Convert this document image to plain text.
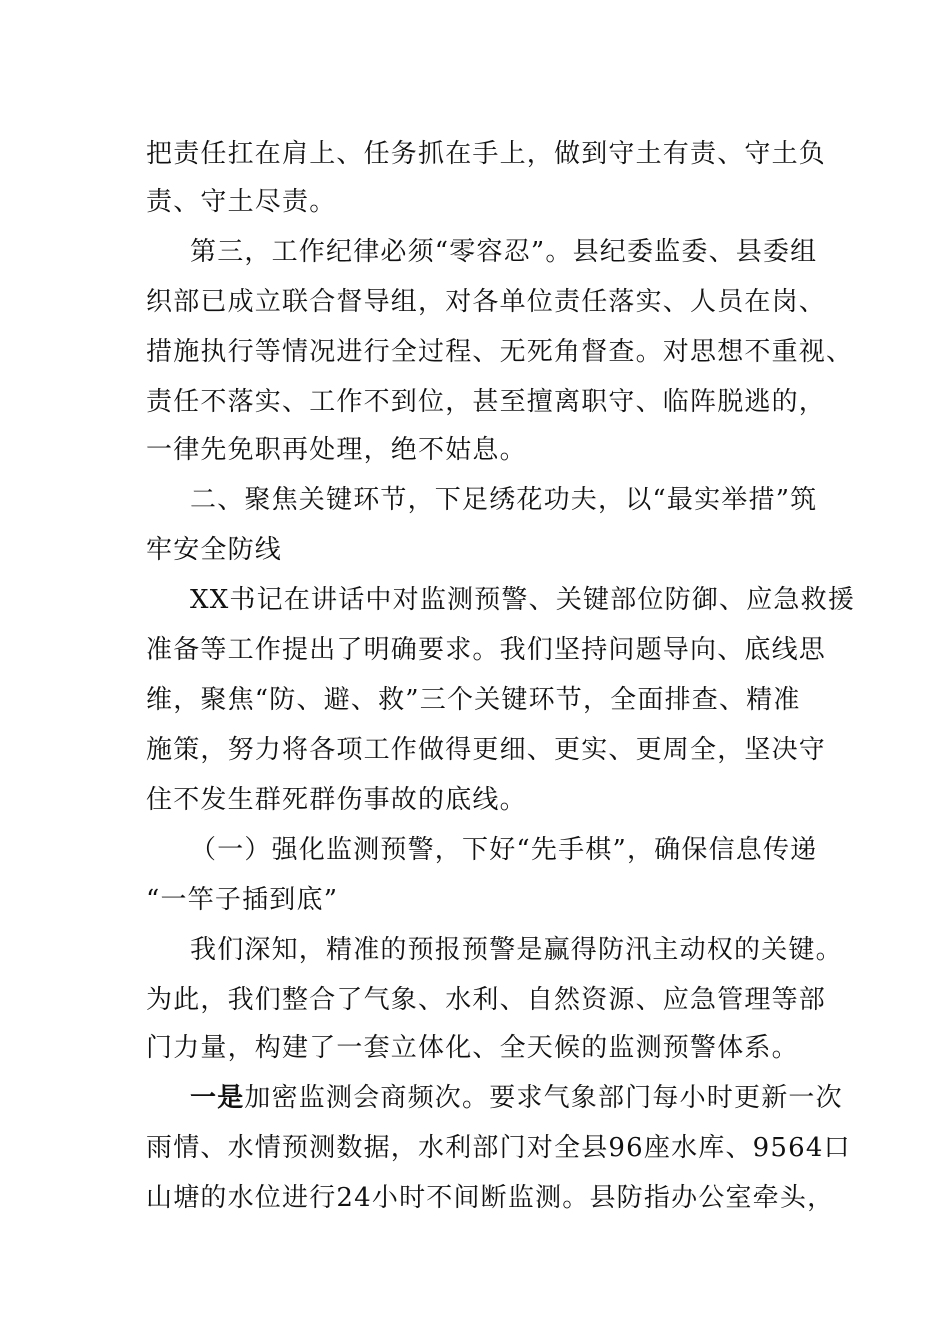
把责任扛在肩上、任务抓在手上，做到守土有责、守土负
责、守土尽责。
第三，工作纪律必须“零容忍”。县纪委监委、县委组
织部已成立联合督导组，对各单位责任落实、人员在岗、
措施执行等情况进行全过程、无死角督查。对思想不重视、
责任不落实、工作不到位，甚至擅离职守、临阵脱逃的，
一律先免职再处理，绝不姑息。
二、聚焦关键环节，下足绣花功夫，以“最实举措”筑
牢安全防线
XX书记在讲话中对监测预警、关键部位防御、应急救援
准备等工作提出了明确要求。我们坚持问题导向、底线思
维，聚焦“防、避、救”三个关键环节，全面排查、精准
施策，努力将各项工作做得更细、更实、更周全，坚决守
住不发生群死群伤事故的底线。
（一）强化监测预警，下好“先手棋”，确保信息传递
“一竿子插到底”
我们深知，精准的预报预警是赢得防汛主动权的关键。
为此，我们整合了气象、水利、自然资源、应急管理等部
门力量，构建了一套立体化、全天候的监测预警体系。
一是加密监测会商频次。要求气象部门每小时更新一次
雨情、水情预测数据，水利部门对全县96座水库、9564口
山塘的水位进行24小时不间断监测。县防指办公室牵头，
